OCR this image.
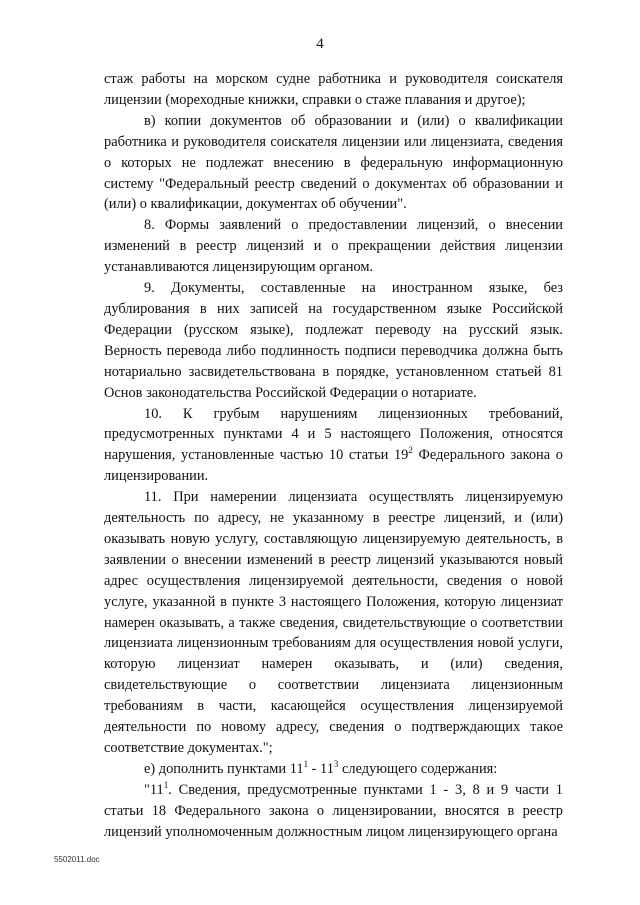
4

стаж работы на морском судне работника и руководителя соискателя лицензии (мореходные книжки, справки о стаже плавания и другое);

в) копии документов об образовании и (или) о квалификации работника и руководителя соискателя лицензии или лицензиата, сведения о которых не подлежат внесению в федеральную информационную систему "Федеральный реестр сведений о документах об образовании и (или) о квалификации, документах об обучении".

8. Формы заявлений о предоставлении лицензий, о внесении изменений в реестр лицензий и о прекращении действия лицензии устанавливаются лицензирующим органом.

9. Документы, составленные на иностранном языке, без дублирования в них записей на государственном языке Российской Федерации (русском языке), подлежат переводу на русский язык. Верность перевода либо подлинность подписи переводчика должна быть нотариально засвидетельствована в порядке, установленном статьей 81 Основ законодательства Российской Федерации о нотариате.

10. К грубым нарушениям лицензионных требований, предусмотренных пунктами 4 и 5 настоящего Положения, относятся нарушения, установленные частью 10 статьи $19^2$ Федерального закона о лицензировании.

11. При намерении лицензиата осуществлять лицензируемую деятельность по адресу, не указанному в реестре лицензий, и (или) оказывать новую услугу, составляющую лицензируемую деятельность, в заявлении о внесении изменений в реестр лицензий указываются новый адрес осуществления лицензируемой деятельности, сведения о новой услуге, указанной в пункте 3 настоящего Положения, которую лицензиат намерен оказывать, а также сведения, свидетельствующие о соответствии лицензиата лицензионным требованиям для осуществления новой услуги, которую лицензиат намерен оказывать, и (или) сведения, свидетельствующие о соответствии лицензиата лицензионным требованиям в части, касающейся осуществления лицензируемой деятельности по новому адресу, сведения о подтверждающих такое соответствие документах.";

е) дополнить пунктами $11^1 - 11^3$ следующего содержания:

"$11^1$. Сведения, предусмотренные пунктами 1 - 3, 8 и 9 части 1 статьи 18 Федерального закона о лицензировании, вносятся в реестр лицензий уполномоченным должностным лицом лицензирующего органа

5502011.doc
